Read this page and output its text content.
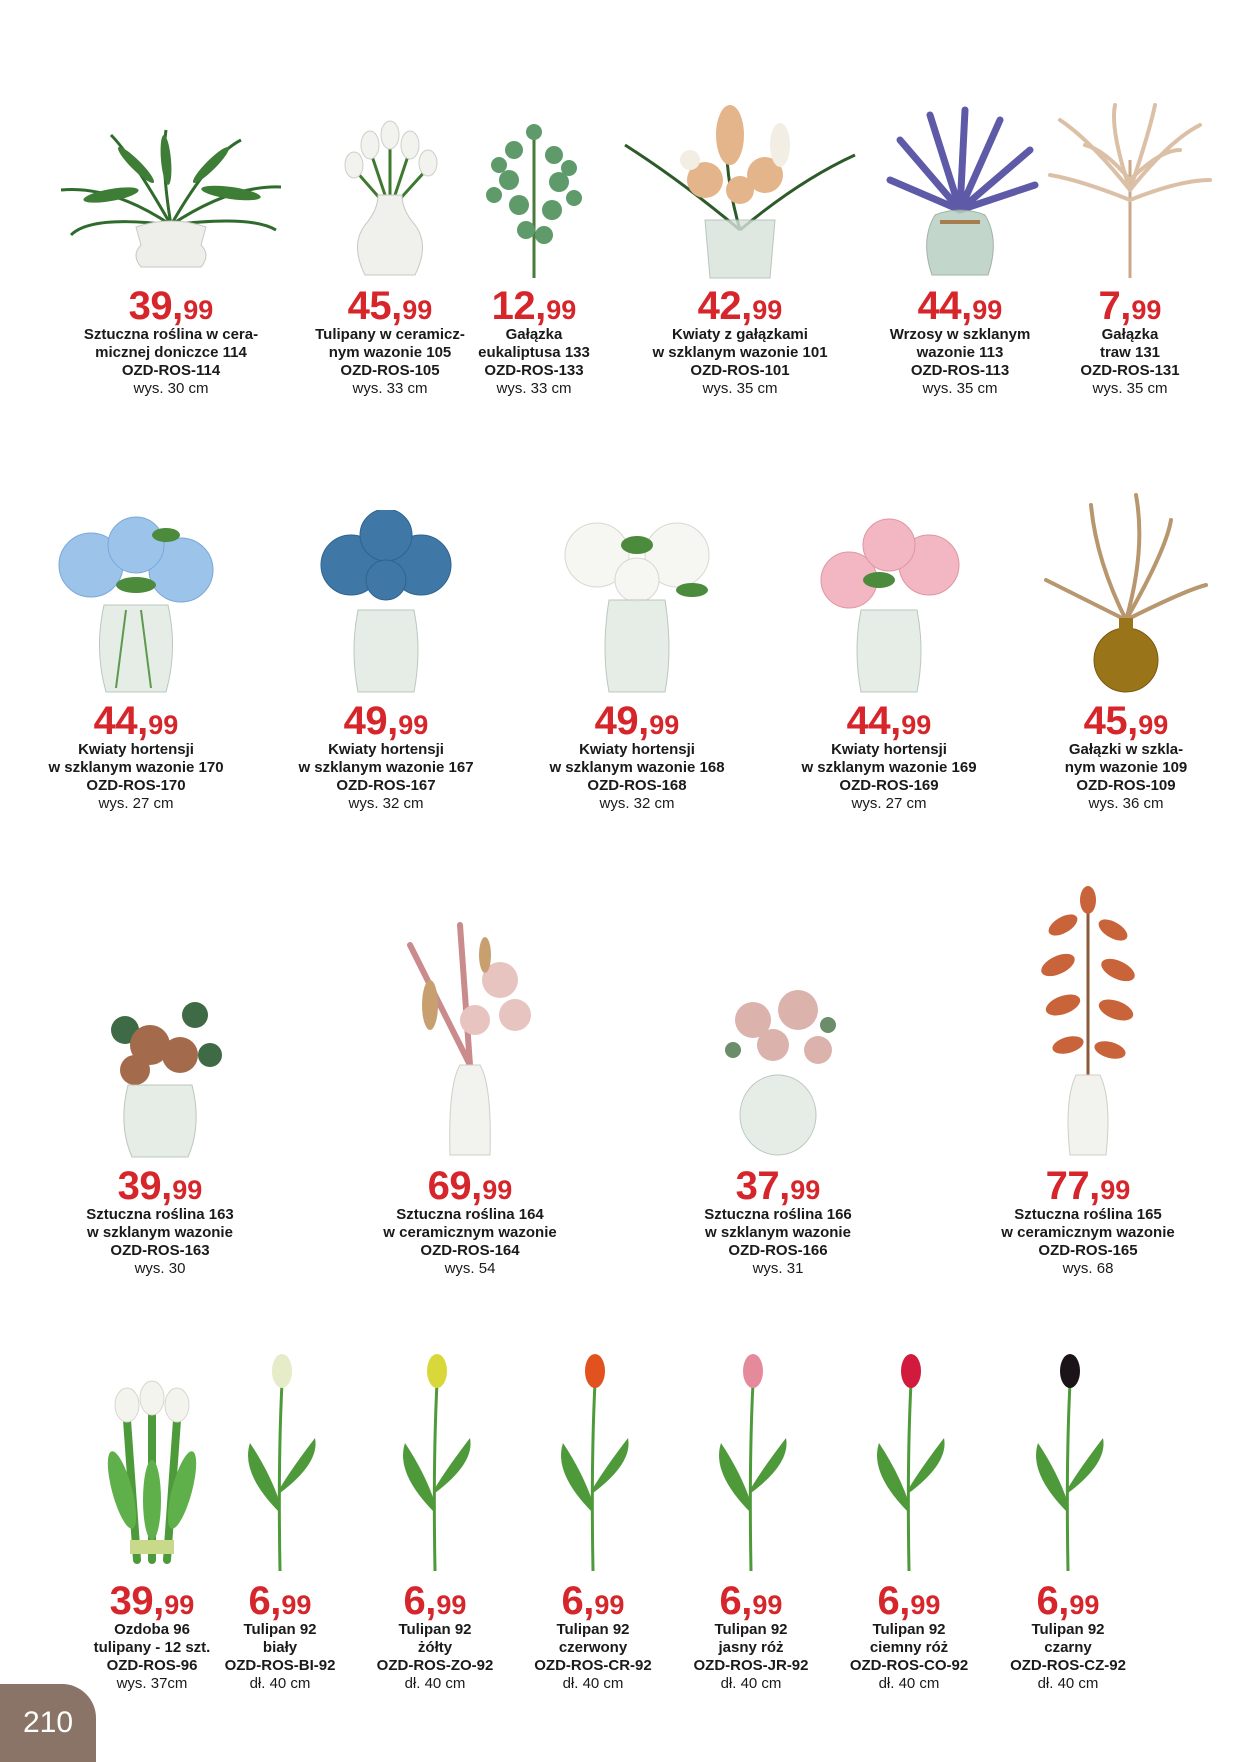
39,99
Sztuczna roślina w cera-
micznej doniczce 114
OZD-ROS-114
wys. 30 cm
45,99
Tulipany w ceramicz-
nym wazonie 105
OZD-ROS-105
wys. 33 cm
12,99
Gałązka
eukaliptusa 133
OZD-ROS-133
wys. 33 cm
42,99
Kwiaty z gałązkami
w szklanym wazonie 101
OZD-ROS-101
wys. 35 cm
44,99
Wrzosy w szklanym
wazonie 113
OZD-ROS-113
wys. 35 cm
7,99
Gałązka
traw 131
OZD-ROS-131
wys. 35 cm
44,99
Kwiaty hortensji
w szklanym wazonie 170
OZD-ROS-170
wys. 27 cm
49,99
Kwiaty hortensji
w szklanym wazonie 167
OZD-ROS-167
wys. 32 cm
49,99
Kwiaty hortensji
w szklanym wazonie 168
OZD-ROS-168
wys. 32 cm
44,99
Kwiaty hortensji
w szklanym wazonie 169
OZD-ROS-169
wys. 27 cm
45,99
Gałązki w szkla-
nym wazonie 109
OZD-ROS-109
wys. 36 cm
39,99
Sztuczna roślina 163
w szklanym wazonie
OZD-ROS-163
wys. 30
69,99
Sztuczna roślina 164
w ceramicznym wazonie
OZD-ROS-164
wys. 54
37,99
Sztuczna roślina 166
w szklanym wazonie
OZD-ROS-166
wys. 31
77,99
Sztuczna roślina 165
w ceramicznym wazonie
OZD-ROS-165
wys. 68
39,99
Ozdoba 96
tulipany - 12 szt.
OZD-ROS-96
wys. 37cm
6,99
Tulipan 92
biały
OZD-ROS-BI-92
dł. 40 cm
6,99
Tulipan 92
żółty
OZD-ROS-ZO-92
dł. 40 cm
6,99
Tulipan 92
czerwony
OZD-ROS-CR-92
dł. 40 cm
6,99
Tulipan 92
jasny róż
OZD-ROS-JR-92
dł. 40 cm
6,99
Tulipan 92
ciemny róż
OZD-ROS-CO-92
dł. 40 cm
6,99
Tulipan 92
czarny
OZD-ROS-CZ-92
dł. 40 cm
210
